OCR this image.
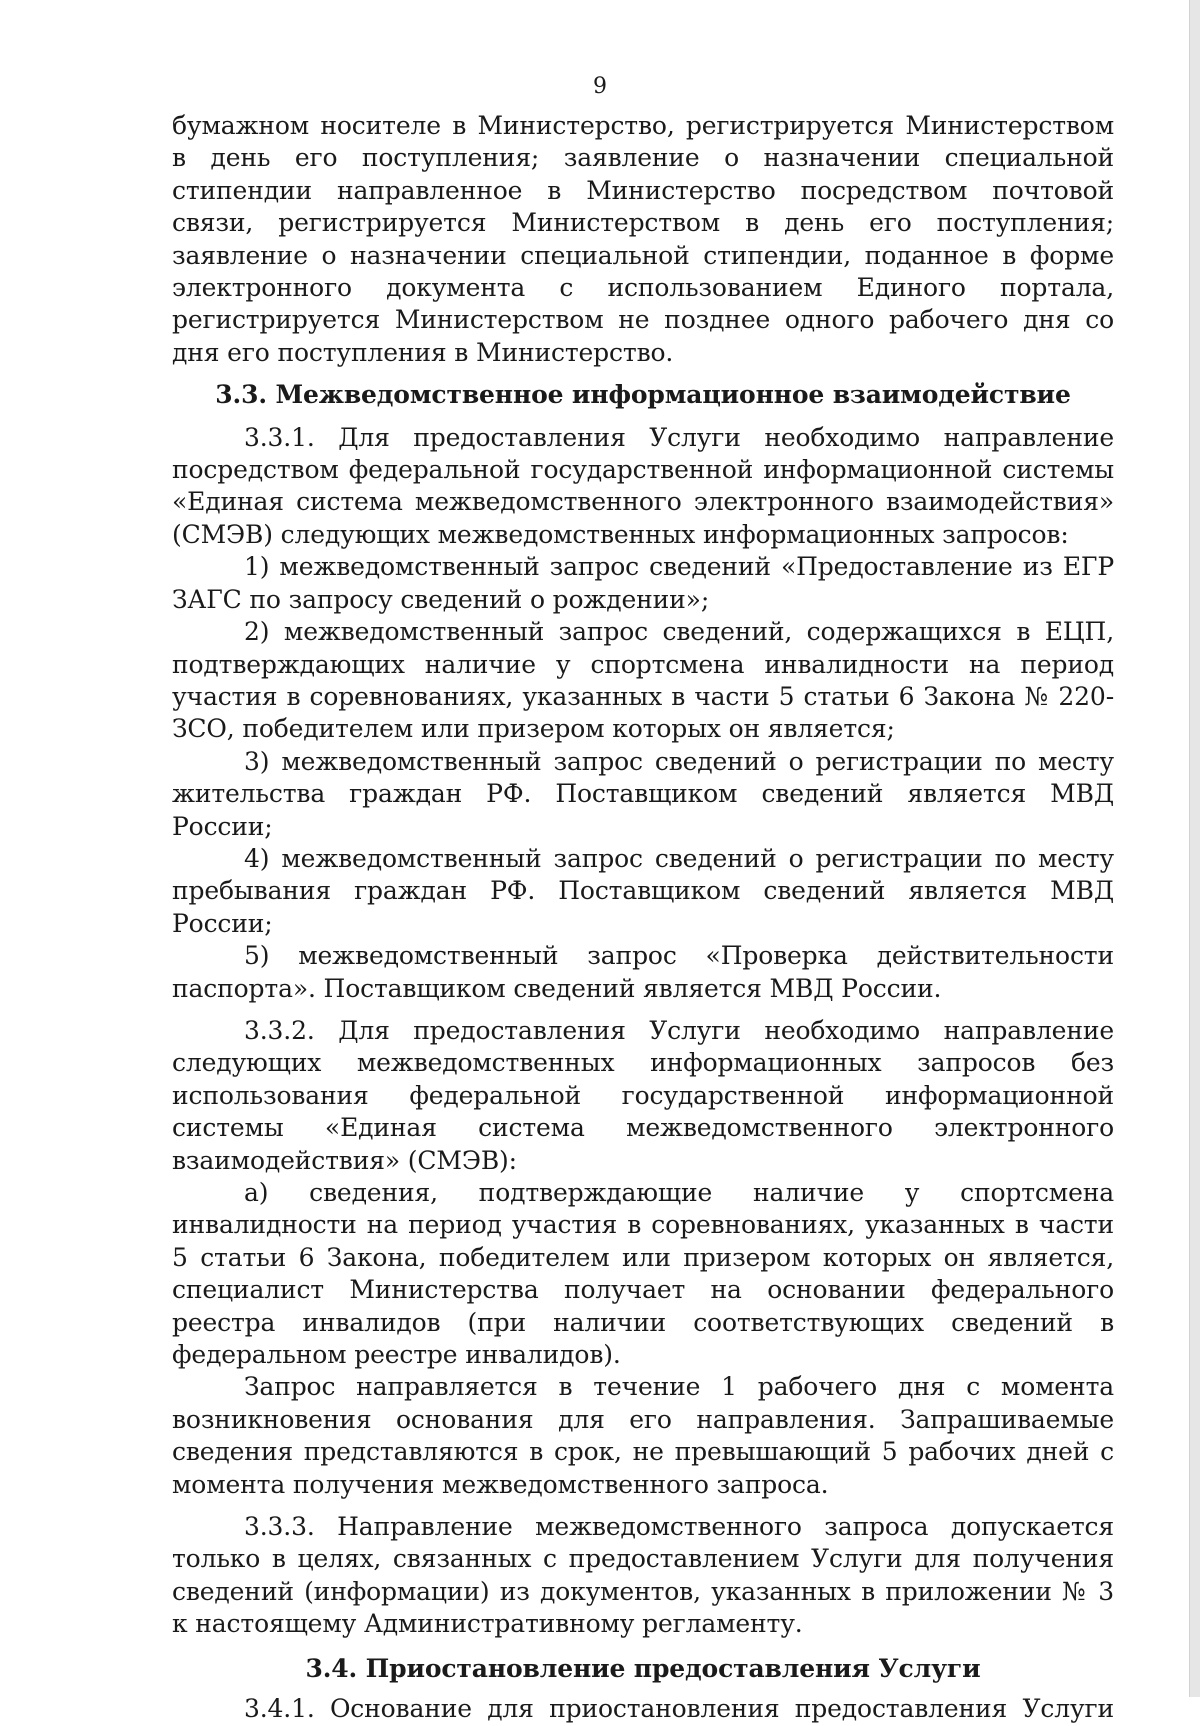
9

бумажном носителе в Министерство, регистрируется Министерством в день его поступления; заявление о назначении специальной стипендии направленное в Министерство посредством почтовой связи, регистрируется Министерством в день его поступления; заявление о назначении специальной стипендии, поданное в форме электронного документа с использованием Единого портала, регистрируется Министерством не позднее одного рабочего дня со дня его поступления в Министерство.

3.3. Межведомственное информационное взаимодействие

3.3.1. Для предоставления Услуги необходимо направление посредством федеральной государственной информационной системы «Единая система межведомственного электронного взаимодействия» (СМЭВ) следующих межведомственных информационных запросов:

1) межведомственный запрос сведений «Предоставление из ЕГР ЗАГС по запросу сведений о рождении»;

2) межведомственный запрос сведений, содержащихся в ЕЦП, подтверждающих наличие у спортсмена инвалидности на период участия в соревнованиях, указанных в части 5 статьи 6 Закона № 220-ЗСО, победителем или призером которых он является;

3) межведомственный запрос сведений о регистрации по месту жительства граждан РФ. Поставщиком сведений является МВД России;

4) межведомственный запрос сведений о регистрации по месту пребывания граждан РФ. Поставщиком сведений является МВД России;

5) межведомственный запрос «Проверка действительности паспорта». Поставщиком сведений является МВД России.

3.3.2. Для предоставления Услуги необходимо направление следующих межведомственных информационных запросов без использования федеральной государственной информационной системы «Единая система межведомственного электронного взаимодействия» (СМЭВ):

а) сведения, подтверждающие наличие у спортсмена инвалидности на период участия в соревнованиях, указанных в части 5 статьи 6 Закона, победителем или призером которых он является, специалист Министерства получает на основании федерального реестра инвалидов (при наличии соответствующих сведений в федеральном реестре инвалидов).

Запрос направляется в течение 1 рабочего дня с момента возникновения основания для его направления. Запрашиваемые сведения представляются в срок, не превышающий 5 рабочих дней с момента получения межведомственного запроса.

3.3.3. Направление межведомственного запроса допускается только в целях, связанных с предоставлением Услуги для получения сведений (информации) из документов, указанных в приложении № 3 к настоящему Административному регламенту.

3.4. Приостановление предоставления Услуги

3.4.1. Основание для приостановления предоставления Услуги
